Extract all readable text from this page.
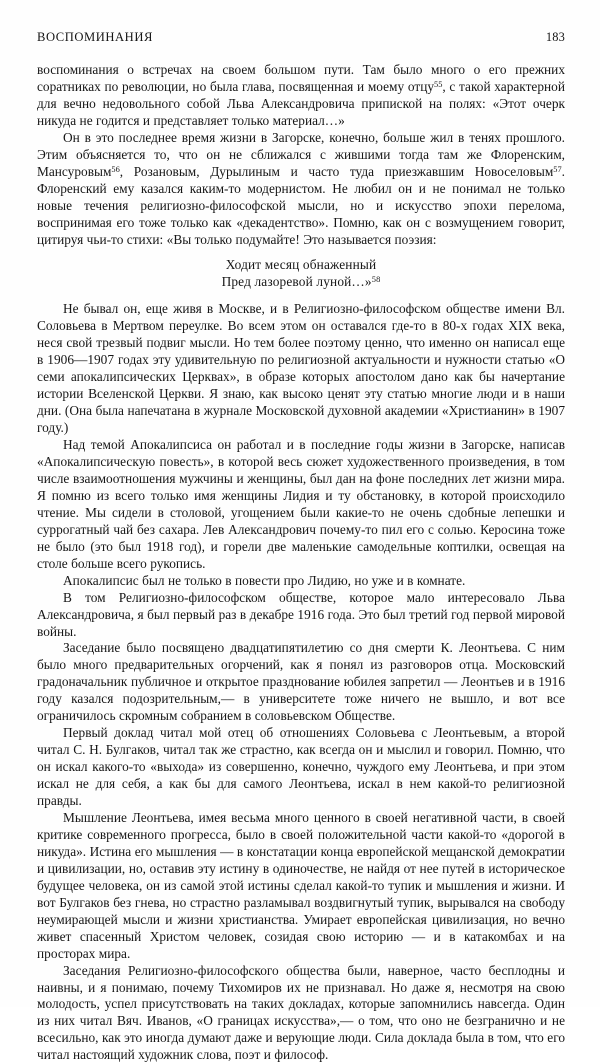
ВОСПОМИНАНИЯ	183

воспоминания о встречах на своем большом пути. Там было много о его прежних соратниках по революции, но была глава, посвященная и моему отцу$^{55}$, с такой характерной для вечно недовольного собой Льва Александровича припиской на полях: «Этот очерк никуда не годится и представляет только материал…»

Он в это последнее время жизни в Загорске, конечно, больше жил в тенях прошлого. Этим объясняется то, что он не сближался с жившими тогда там же Флоренским, Мансуровым$^{56}$, Розановым, Дурылиным и часто туда приезжавшим Новоселовым$^{57}$. Флоренский ему казался каким-то модернистом. Не любил он и не понимал не только новые течения религиозно-философской мысли, но и искусство эпохи перелома, воспринимая его тоже только как «декадентство». Помню, как он с возмущением говорит, цитируя чьи-то стихи: «Вы только подумайте! Это называется поэзия:

Ходит месяц обнаженный
Пред лазоревой луной…»$^{58}$

Не бывал он, еще живя в Москве, и в Религиозно-философском обществе имени Вл. Соловьева в Мертвом переулке. Во всем этом он оставался где-то в 80-х годах XIX века, неся свой трезвый подвиг мысли. Но тем более поэтому ценно, что именно он написал еще в 1906—1907 годах эту удивительную по религиозной актуальности и нужности статью «О семи апокалипсических Церквах», в образе которых апостолом дано как бы начертание истории Вселенской Церкви. Я знаю, как высоко ценят эту статью многие люди и в наши дни. (Она была напечатана в журнале Московской духовной академии «Христианин» в 1907 году.)

Над темой Апокалипсиса он работал и в последние годы жизни в Загорске, написав «Апокалипсическую повесть», в которой весь сюжет художественного произведения, в том числе взаимоотношения мужчины и женщины, был дан на фоне последних лет жизни мира. Я помню из всего только имя женщины Лидия и ту обстановку, в которой происходило чтение. Мы сидели в столовой, угощением были какие-то не очень сдобные лепешки и суррогатный чай без сахара. Лев Александрович почему-то пил его с солью. Керосина тоже не было (это был 1918 год), и горели две маленькие самодельные коптилки, освещая на столе больше всего рукопись.

Апокалипсис был не только в повести про Лидию, но уже и в комнате.

В том Религиозно-философском обществе, которое мало интересовало Льва Александровича, я был первый раз в декабре 1916 года. Это был третий год первой мировой войны.

Заседание было посвящено двадцатипятилетию со дня смерти К. Леонтьева. С ним было много предварительных огорчений, как я понял из разговоров отца. Московский градоначальник публичное и открытое празднование юбилея запретил — Леонтьев и в 1916 году казался подозрительным,— в университете тоже ничего не вышло, и вот все ограничилось скромным собранием в соловьевском Обществе.

Первый доклад читал мой отец об отношениях Соловьева с Леонтьевым, а второй читал С. Н. Булгаков, читал так же страстно, как всегда он и мыслил и говорил. Помню, что он искал какого-то «выхода» из совершенно, конечно, чуждого ему Леонтьева, и при этом искал не для себя, а как бы для самого Леонтьева, искал в нем какой-то религиозной правды.

Мышление Леонтьева, имея весьма много ценного в своей негативной части, в своей критике современного прогресса, было в своей положительной части какой-то «дорогой в никуда». Истина его мышления — в констатации конца европейской мещанской демократии и цивилизации, но, оставив эту истину в одиночестве, не найдя от нее путей в историческое будущее человека, он из самой этой истины сделал какой-то тупик и мышления и жизни. И вот Булгаков без гнева, но страстно разламывал воздвигнутый тупик, вырывался на свободу неумирающей мысли и жизни христианства. Умирает европейская цивилизация, но вечно живет спасенный Христом человек, созидая свою историю — и в катакомбах и на просторах мира.

Заседания Религиозно-философского общества были, наверное, часто бесплодны и наивны, и я понимаю, почему Тихомиров их не признавал. Но даже я, несмотря на свою молодость, успел присутствовать на таких докладах, которые запомнились навсегда. Один из них читал Вяч. Иванов, «О границах искусства»,— о том, что оно не безгранично и не всесильно, как это иногда думают даже и верующие люди. Сила доклада была в том, что его читал настоящий художник слова, поэт и философ.
